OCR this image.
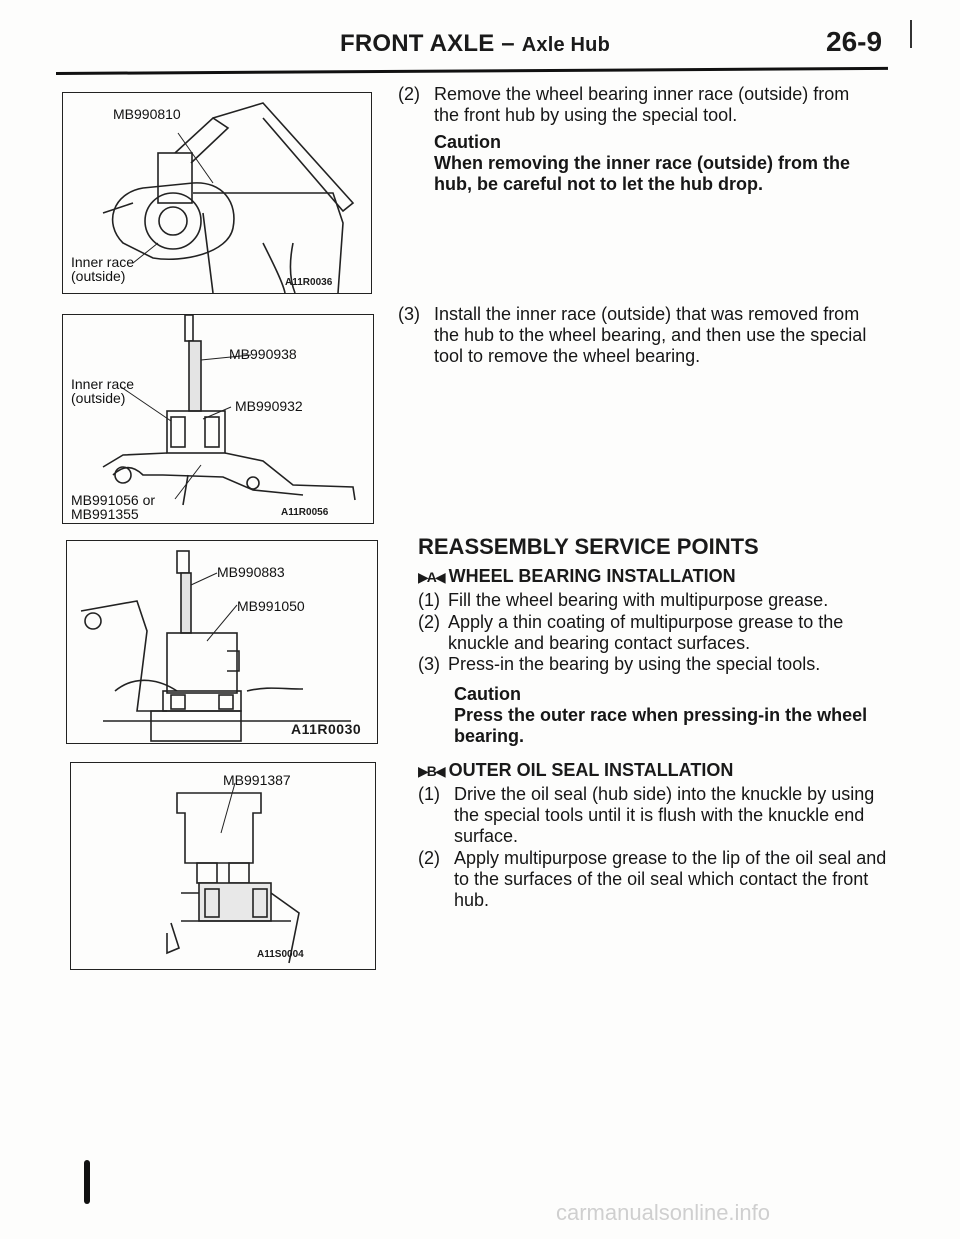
FRONT AXLE – Axle Hub	26-9
MB990810
Inner race
(outside)	A11R0036
MB990938
Inner race
(outside)	MB990932
MB991056 or
MB991355	A11R0056
MB990883
MB991050
A11R0030
MB991387
A11S0004
(2) Remove the wheel bearing inner race (outside) from the front hub by using the special tool.
Caution
When removing the inner race (outside) from the hub, be careful not to let the hub drop.
(3) Install the inner race (outside) that was removed from the hub to the wheel bearing, and then use the special tool to remove the wheel bearing.
REASSEMBLY SERVICE POINTS
▶A◀ WHEEL BEARING INSTALLATION
(1) Fill the wheel bearing with multipurpose grease.
(2) Apply a thin coating of multipurpose grease to the knuckle and bearing contact surfaces.
(3) Press-in the bearing by using the special tools.
Caution
Press the outer race when pressing-in the wheel bearing.
▶B◀ OUTER OIL SEAL INSTALLATION
(1) Drive the oil seal (hub side) into the knuckle by using the special tools until it is flush with the knuckle end surface.
(2) Apply multipurpose grease to the lip of the oil seal and to the surfaces of the oil seal which contact the front hub.
carmanualsonline.info
